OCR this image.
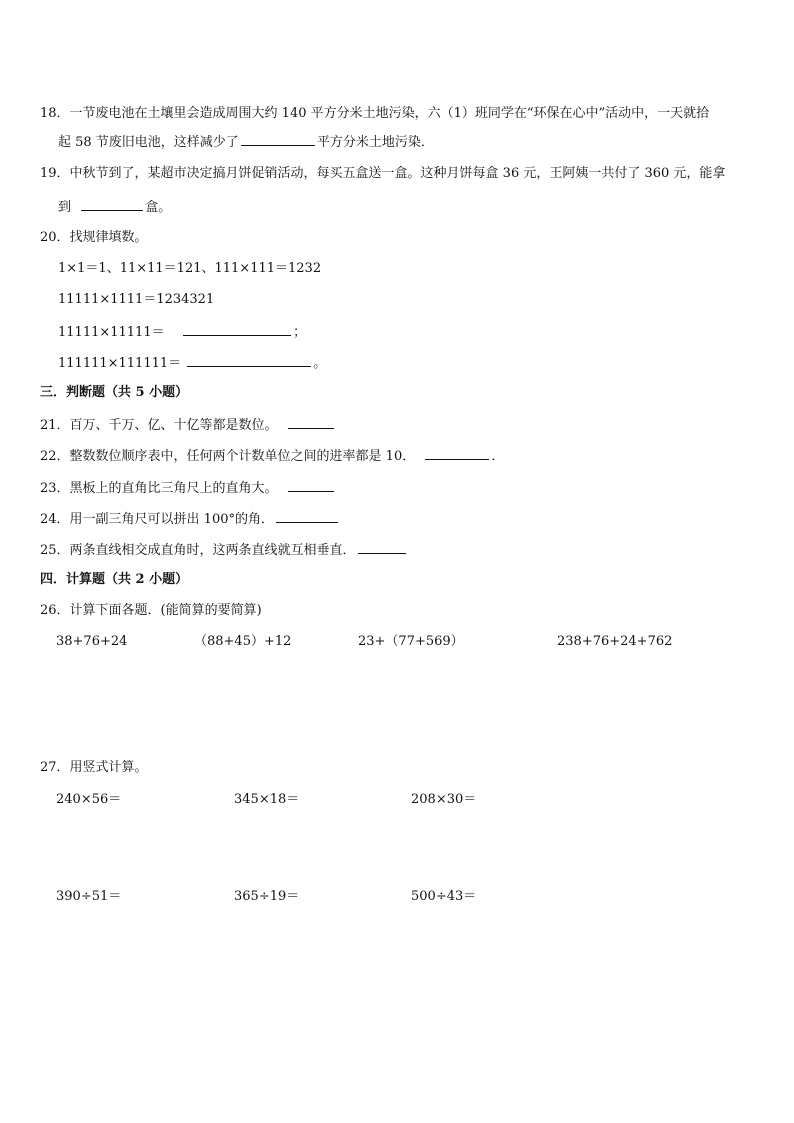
18．一节废电池在土壤里会造成周围大约 140 平方分米土地污染，六（1）班同学在“环保在心中”活动中，一天就拾
起 58 节废旧电池，这样减少了	平方分米土地污染．
19．中秋节到了，某超市决定搞月饼促销活动，每买五盒送一盒。这种月饼每盒 36 元，王阿姨一共付了 360 元，能拿
到	盒。
20．找规律填数。
1×1＝1、11×11＝121、111×111＝1232
11111×1111＝1234321
11111×11111＝	；
111111×111111＝	。
三．判断题（共 5 小题）
21．百万、千万、亿、十亿等都是数位。
22．整数数位顺序表中，任何两个计数单位之间的进率都是 10．	．
23．黑板上的直角比三角尺上的直角大。
24．用一副三角尺可以拼出 100°的角．
25．两条直线相交成直角时，这两条直线就互相垂直．
四．计算题（共 2 小题）
26．计算下面各题．(能简算的要简算)
38+76+24	（88+45）+12	23+（77+569）	238+76+24+762
27．用竖式计算。
240×56＝	345×18＝	208×30＝
390÷51＝	365÷19＝	500÷43＝
